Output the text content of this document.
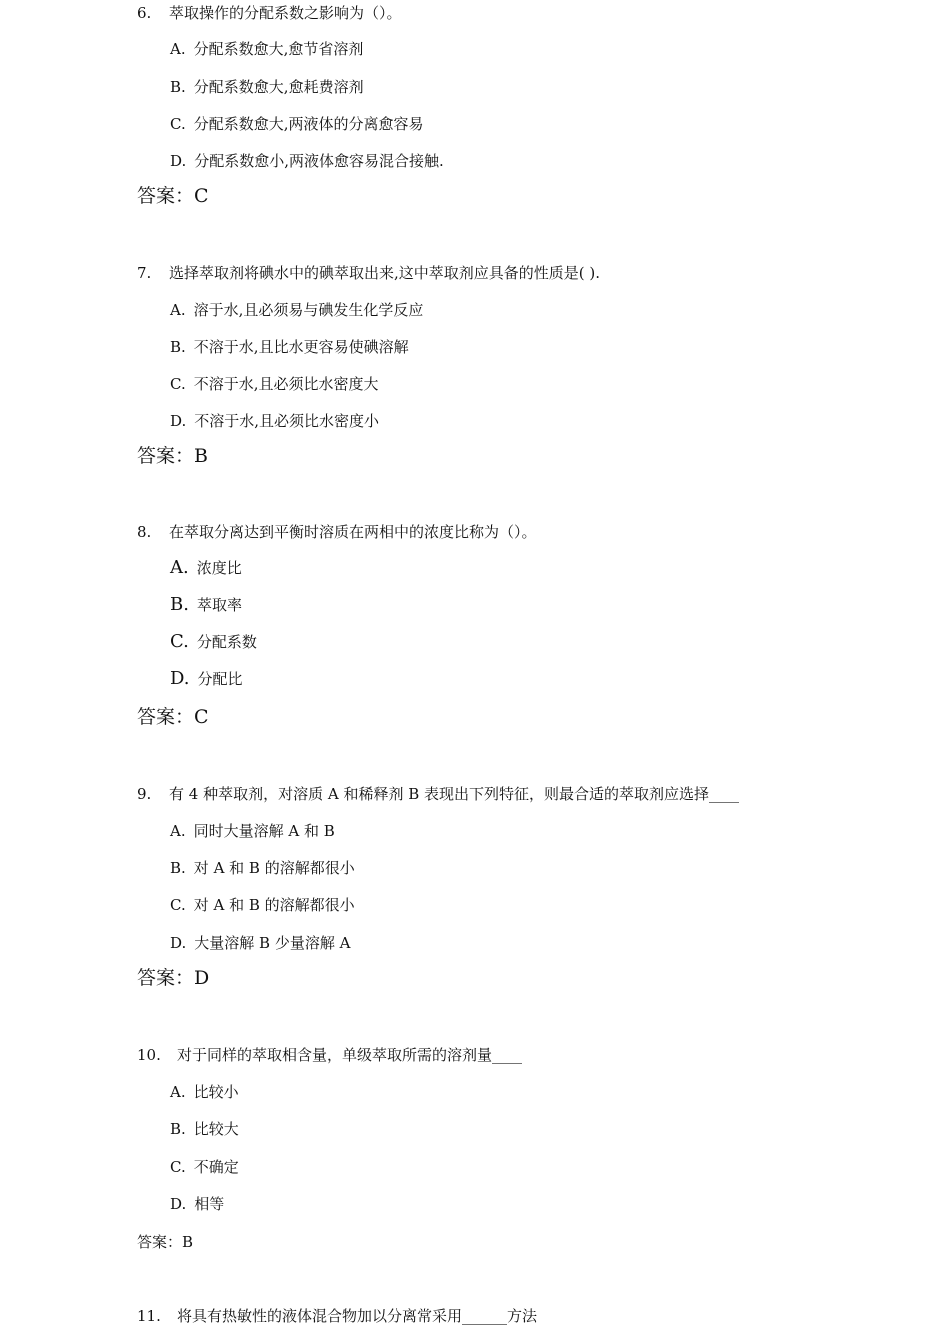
6. 萃取操作的分配系数之影响为（）。
A. 分配系数愈大,愈节省溶剂
B. 分配系数愈大,愈耗费溶剂
C. 分配系数愈大,两液体的分离愈容易
D. 分配系数愈小,两液体愈容易混合接触.
答案：C
7. 选择萃取剂将碘水中的碘萃取出来,这中萃取剂应具备的性质是( ).
A. 溶于水,且必须易与碘发生化学反应
B. 不溶于水,且比水更容易使碘溶解
C. 不溶于水,且必须比水密度大
D. 不溶于水,且必须比水密度小
答案：B
8. 在萃取分离达到平衡时溶质在两相中的浓度比称为（）。
A. 浓度比
B. 萃取率
C. 分配系数
D. 分配比
答案：C
9. 有 4 种萃取剂，对溶质 A 和稀释剂 B 表现出下列特征，则最合适的萃取剂应选择____
A. 同时大量溶解 A 和 B
B. 对 A 和 B 的溶解都很小
C. 对 A 和 B 的溶解都很小
D. 大量溶解 B 少量溶解 A
答案：D
10. 对于同样的萃取相含量，单级萃取所需的溶剂量____
A. 比较小
B. 比较大
C. 不确定
D. 相等
答案：B
11. 将具有热敏性的液体混合物加以分离常采用______方法
